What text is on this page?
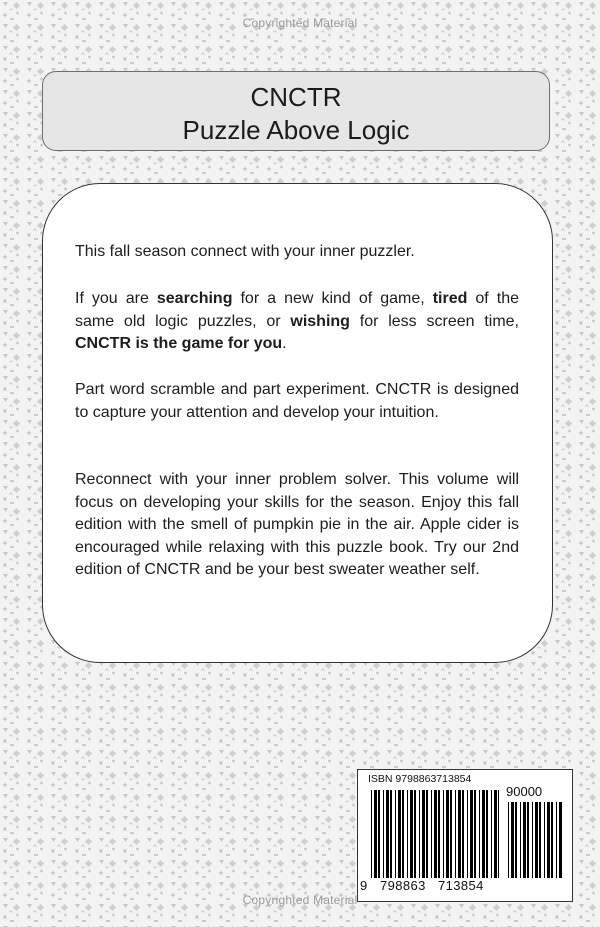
Copyrighted Material
CNCTR
Puzzle Above Logic
This fall season connect with your inner puzzler.
If you are searching for a new kind of game, tired of the same old logic puzzles, or wishing for less screen time, CNCTR is the game for you.
Part word scramble and part experiment. CNCTR is designed to capture your attention and develop your intuition.
Reconnect with your inner problem solver. This volume will focus on developing your skills for the season. Enjoy this fall edition with the smell of pumpkin pie in the air. Apple cider is encouraged while relaxing with this puzzle book. Try our 2nd edition of CNCTR and be your best sweater weather self.
ISBN 9798863713854
90000
9 798863 713854
Copyrighted Material
